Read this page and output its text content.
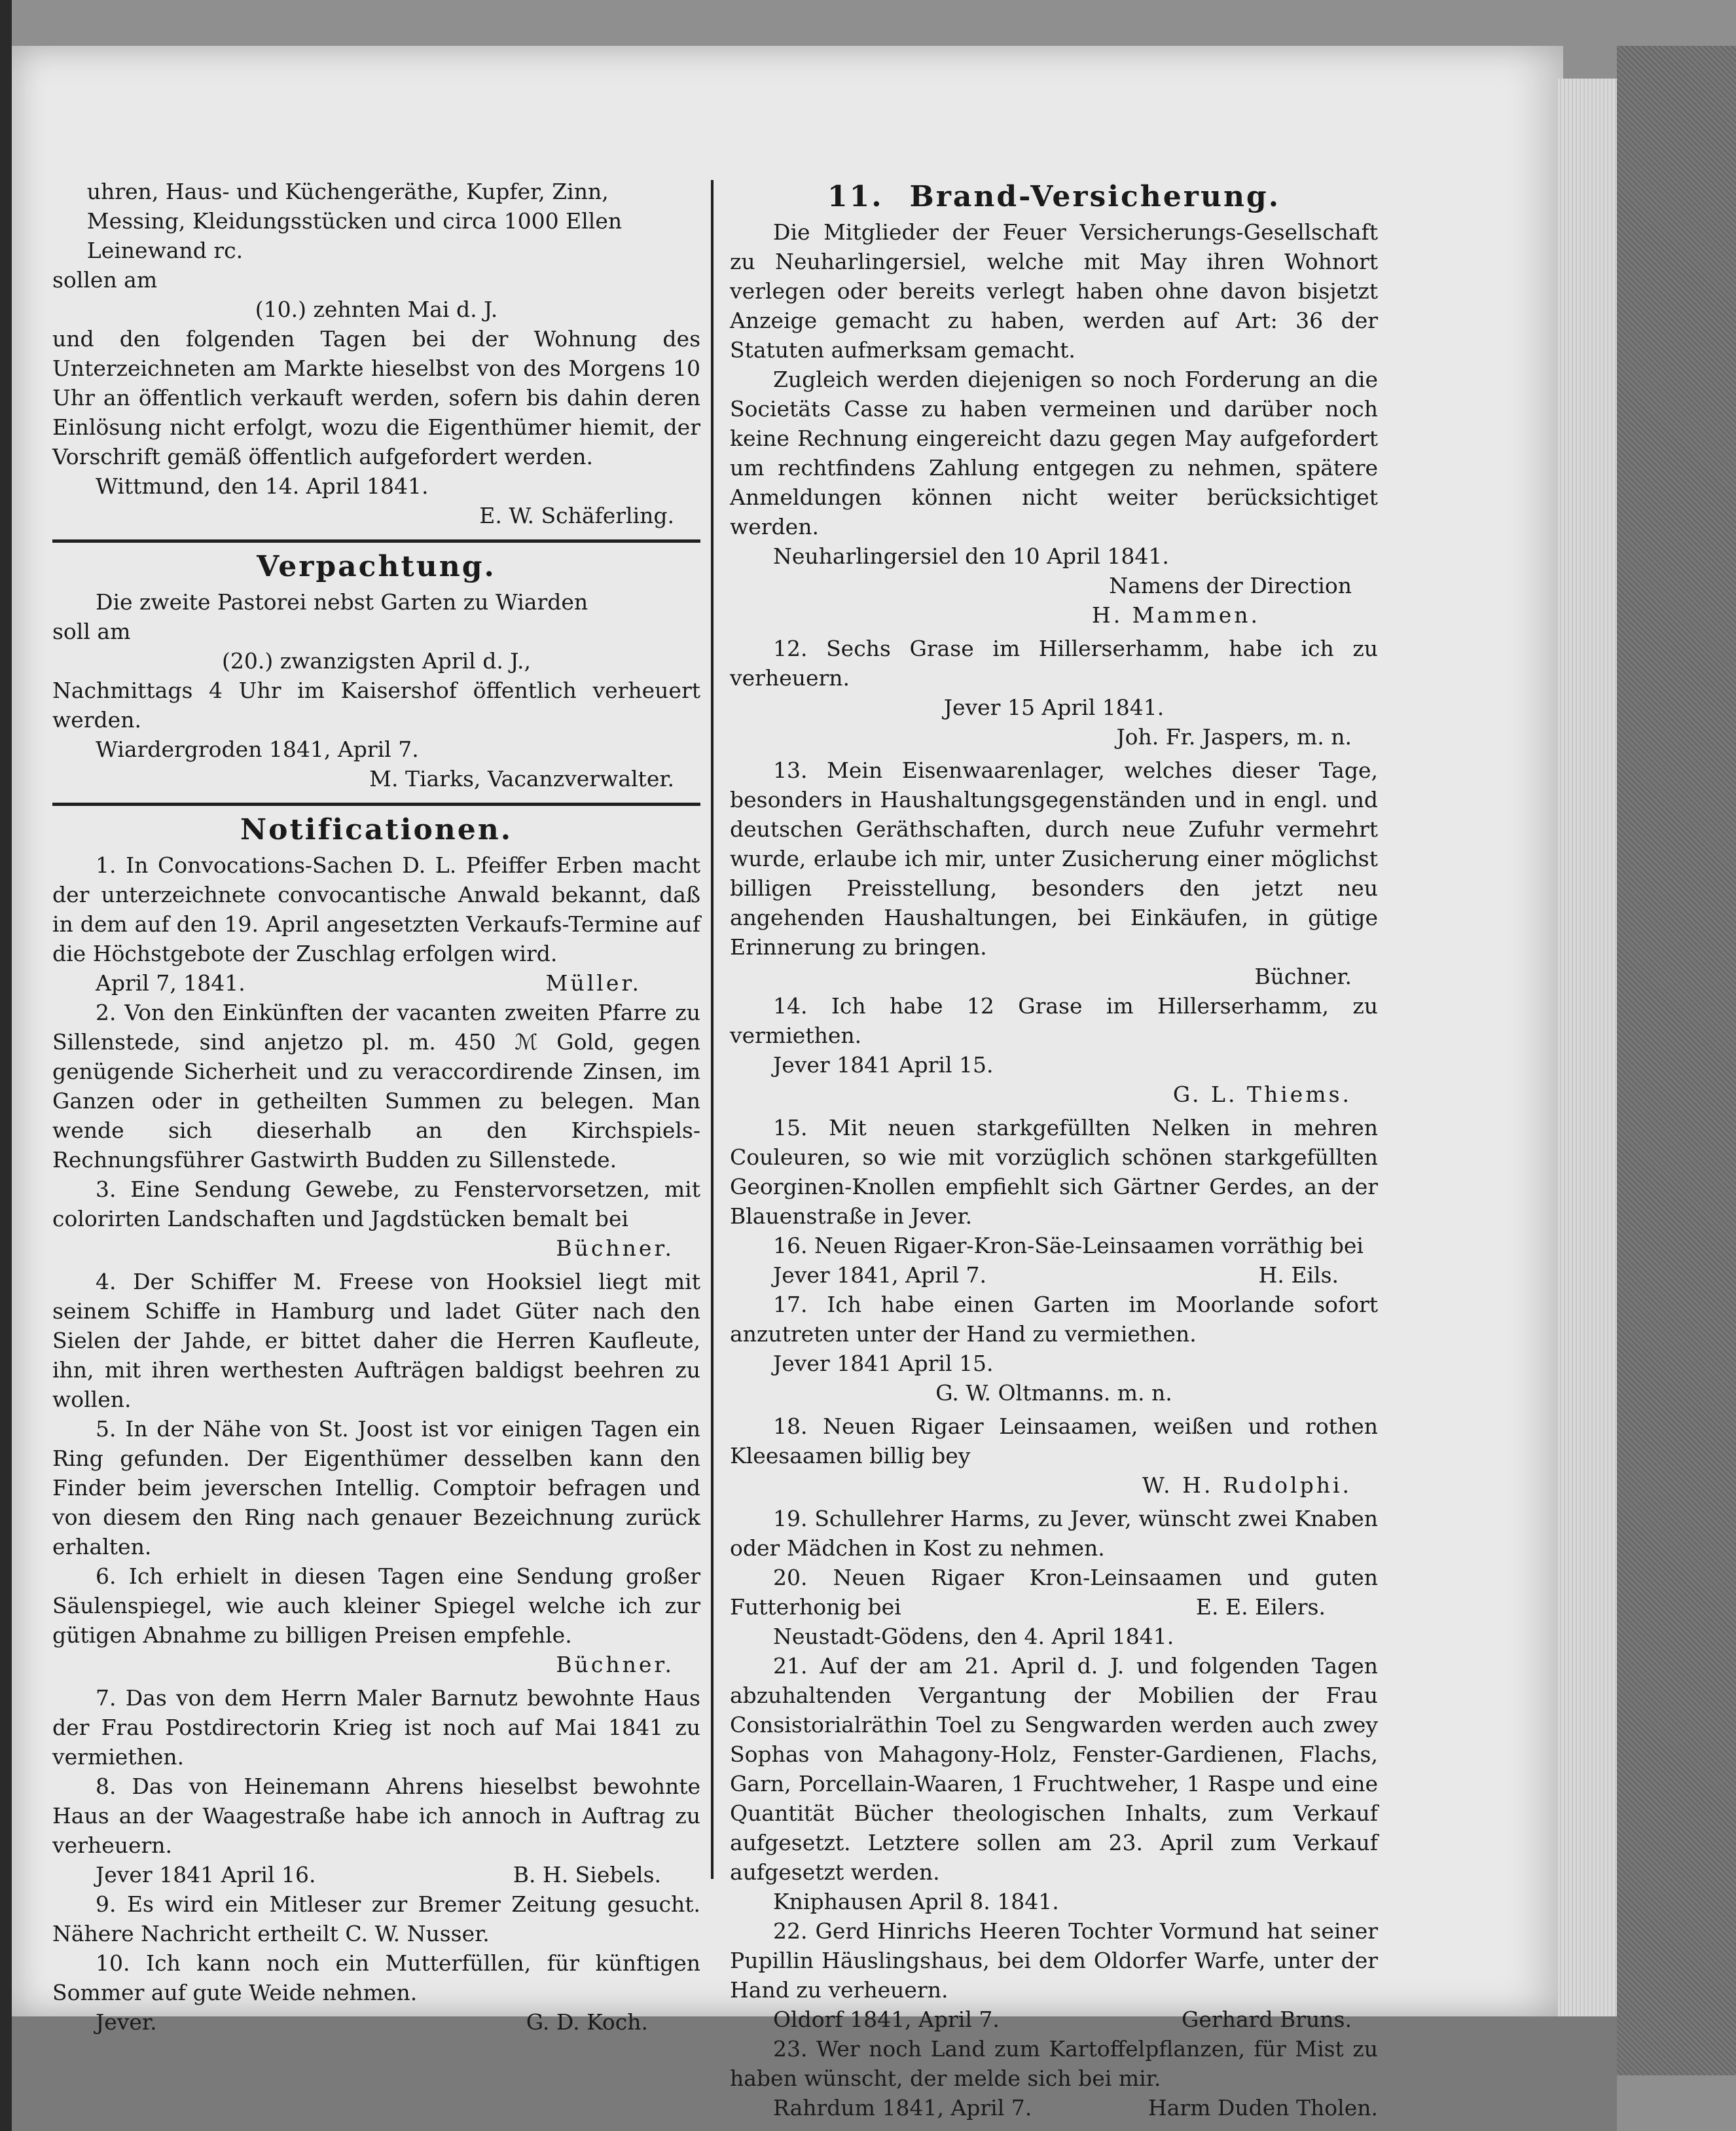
uhren, Haus- und Küchengeräthe, Kupfer, Zinn,

Messing, Kleidungsstücken und circa 1000 Ellen

Leinewand rc.

sollen am

(10.) zehnten Mai d. J.

und den folgenden Tagen bei der Wohnung des Unterzeichneten am Markte hieselbst von des Morgens 10 Uhr an öffentlich verkauft werden, sofern bis dahin deren Einlösung nicht erfolgt, wozu die Eigenthümer hiemit, der Vorschrift gemäß öffentlich aufgefordert werden.

Wittmund, den 14. April 1841.

E. W. Schäferling.

Verpachtung.

Die zweite Pastorei nebst Garten zu Wiarden

soll am

(20.) zwanzigsten April d. J.,

Nachmittags 4 Uhr im Kaisershof öffentlich verheuert werden.

Wiardergroden 1841, April 7.

M. Tiarks, Vacanzverwalter.

Notificationen.

1. In Convocations-Sachen D. L. Pfeiffer Erben macht der unterzeichnete convocantische Anwald bekannt, daß in dem auf den 19. April angesetzten Verkaufs-Termine auf die Höchstgebote der Zuschlag erfolgen wird.

April 7, 1841.	Müller.

2. Von den Einkünften der vacanten zweiten Pfarre zu Sillenstede, sind anjetzo pl. m. 450 ℳ Gold, gegen genügende Sicherheit und zu veraccordirende Zinsen, im Ganzen oder in getheilten Summen zu belegen. Man wende sich dieserhalb an den Kirchspiels-Rechnungsführer Gastwirth Budden zu Sillenstede.

3. Eine Sendung Gewebe, zu Fenstervorsetzen, mit colorirten Landschaften und Jagdstücken bemalt bei

Büchner.

4. Der Schiffer M. Freese von Hooksiel liegt mit seinem Schiffe in Hamburg und ladet Güter nach den Sielen der Jahde, er bittet daher die Herren Kaufleute, ihn, mit ihren werthesten Aufträgen baldigst beehren zu wollen.

5. In der Nähe von St. Joost ist vor einigen Tagen ein Ring gefunden. Der Eigenthümer desselben kann den Finder beim jeverschen Intellig. Comptoir befragen und von diesem den Ring nach genauer Bezeichnung zurück erhalten.

6. Ich erhielt in diesen Tagen eine Sendung großer Säulenspiegel, wie auch kleiner Spiegel welche ich zur gütigen Abnahme zu billigen Preisen empfehle.

Büchner.

7. Das von dem Herrn Maler Barnutz bewohnte Haus der Frau Postdirectorin Krieg ist noch auf Mai 1841 zu vermiethen.

8. Das von Heinemann Ahrens hieselbst bewohnte Haus an der Waagestraße habe ich annoch in Auftrag zu verheuern.

Jever 1841 April 16.	B. H. Siebels.

9. Es wird ein Mitleser zur Bremer Zeitung gesucht. Nähere Nachricht ertheilt C. W. Nusser.

10. Ich kann noch ein Mutterfüllen, für künftigen Sommer auf gute Weide nehmen.

Jever.	G. D. Koch.

11. Brand-Versicherung.

Die Mitglieder der Feuer Versicherungs-Gesellschaft zu Neuharlingersiel, welche mit May ihren Wohnort verlegen oder bereits verlegt haben ohne davon bisjetzt Anzeige gemacht zu haben, werden auf Art: 36 der Statuten aufmerksam gemacht.

Zugleich werden diejenigen so noch Forderung an die Societäts Casse zu haben vermeinen und darüber noch keine Rechnung eingereicht dazu gegen May aufgefordert um rechtfindens Zahlung entgegen zu nehmen, spätere Anmeldungen können nicht weiter berücksichtiget werden.

Neuharlingersiel den 10 April 1841.

Namens der Direction

H. Mammen.

12. Sechs Grase im Hillerserhamm, habe ich zu verheuern.

Jever 15 April 1841.

Joh. Fr. Jaspers, m. n.

13. Mein Eisenwaarenlager, welches dieser Tage, besonders in Haushaltungsgegenständen und in engl. und deutschen Geräthschaften, durch neue Zufuhr vermehrt wurde, erlaube ich mir, unter Zusicherung einer möglichst billigen Preisstellung, besonders den jetzt neu angehenden Haushaltungen, bei Einkäufen, in gütige Erinnerung zu bringen.

Büchner.

14. Ich habe 12 Grase im Hillerserhamm, zu vermiethen.

Jever 1841 April 15.

G. L. Thiems.

15. Mit neuen starkgefüllten Nelken in mehren Couleuren, so wie mit vorzüglich schönen starkgefüllten Georginen-Knollen empfiehlt sich Gärtner Gerdes, an der Blauenstraße in Jever.

16. Neuen Rigaer-Kron-Säe-Leinsaamen vorräthig bei
H. Eils.

Jever 1841, April 7.

17. Ich habe einen Garten im Moorlande sofort anzutreten unter der Hand zu vermiethen.

Jever 1841 April 15.

G. W. Oltmanns. m. n.

18. Neuen Rigaer Leinsaamen, weißen und rothen Kleesaamen billig bey

W. H. Rudolphi.

19. Schullehrer Harms, zu Jever, wünscht zwei Knaben oder Mädchen in Kost zu nehmen.

20. Neuen Rigaer Kron-Leinsaamen und guten Futterhonig bei	E. E. Eilers.

Neustadt-Gödens, den 4. April 1841.

21. Auf der am 21. April d. J. und folgenden Tagen abzuhaltenden Vergantung der Mobilien der Frau Consistorialräthin Toel zu Sengwarden werden auch zwey Sophas von Mahagony-Holz, Fenster-Gardienen, Flachs, Garn, Porcellain-Waaren, 1 Fruchtweher, 1 Raspe und eine Quantität Bücher theologischen Inhalts, zum Verkauf aufgesetzt. Letztere sollen am 23. April zum Verkauf aufgesetzt werden.

Kniphausen April 8. 1841.

22. Gerd Hinrichs Heeren Tochter Vormund hat seiner Pupillin Häuslingshaus, bei dem Oldorfer Warfe, unter der Hand zu verheuern.

Oldorf 1841, April 7.	Gerhard Bruns.

23. Wer noch Land zum Kartoffelpflanzen, für Mist zu haben wünscht, der melde sich bei mir.

Rahrdum 1841, April 7.	Harm Duden Tholen.
